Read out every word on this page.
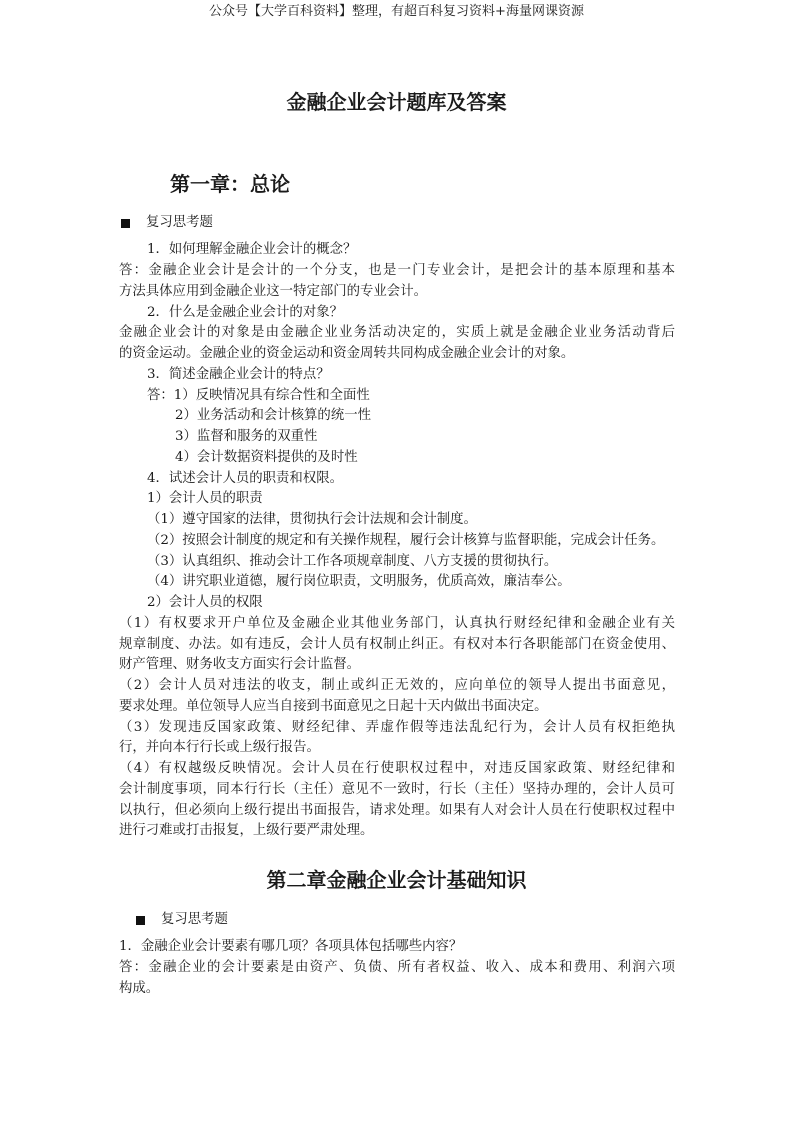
公众号【大学百科资料】整理，有超百科复习资料+海量网课资源
金融企业会计题库及答案
第一章：总论
复习思考题
1．如何理解金融企业会计的概念？
答：金融企业会计是会计的一个分支，也是一门专业会计，是把会计的基本原理和基本
方法具体应用到金融企业这一特定部门的专业会计。
2．什么是金融企业会计的对象？
金融企业会计的对象是由金融企业业务活动决定的，实质上就是金融企业业务活动背后
的资金运动。金融企业的资金运动和资金周转共同构成金融企业会计的对象。
3．简述金融企业会计的特点？
答：1）反映情况具有综合性和全面性
2）业务活动和会计核算的统一性
3）监督和服务的双重性
4）会计数据资料提供的及时性
4．试述会计人员的职责和权限。
1）会计人员的职责
（1）遵守国家的法律，贯彻执行会计法规和会计制度。
（2）按照会计制度的规定和有关操作规程，履行会计核算与监督职能，完成会计任务。
（3）认真组织、推动会计工作各项规章制度、八方支援的贯彻执行。
（4）讲究职业道德，履行岗位职责，文明服务，优质高效，廉洁奉公。
2）会计人员的权限
（1）有权要求开户单位及金融企业其他业务部门，认真执行财经纪律和金融企业有关
规章制度、办法。如有违反，会计人员有权制止纠正。有权对本行各职能部门在资金使用、
财产管理、财务收支方面实行会计监督。
（2）会计人员对违法的收支，制止或纠正无效的，应向单位的领导人提出书面意见，
要求处理。单位领导人应当自接到书面意见之日起十天内做出书面决定。
（3）发现违反国家政策、财经纪律、弄虚作假等违法乱纪行为，会计人员有权拒绝执
行，并向本行行长或上级行报告。
（4）有权越级反映情况。会计人员在行使职权过程中，对违反国家政策、财经纪律和
会计制度事项，同本行行长（主任）意见不一致时，行长（主任）坚持办理的，会计人员可
以执行，但必须向上级行提出书面报告，请求处理。如果有人对会计人员在行使职权过程中
进行刁难或打击报复，上级行要严肃处理。
第二章金融企业会计基础知识
复习思考题
1．金融企业会计要素有哪几项？各项具体包括哪些内容？
答：金融企业的会计要素是由资产、负债、所有者权益、收入、成本和费用、利润六项
构成。
